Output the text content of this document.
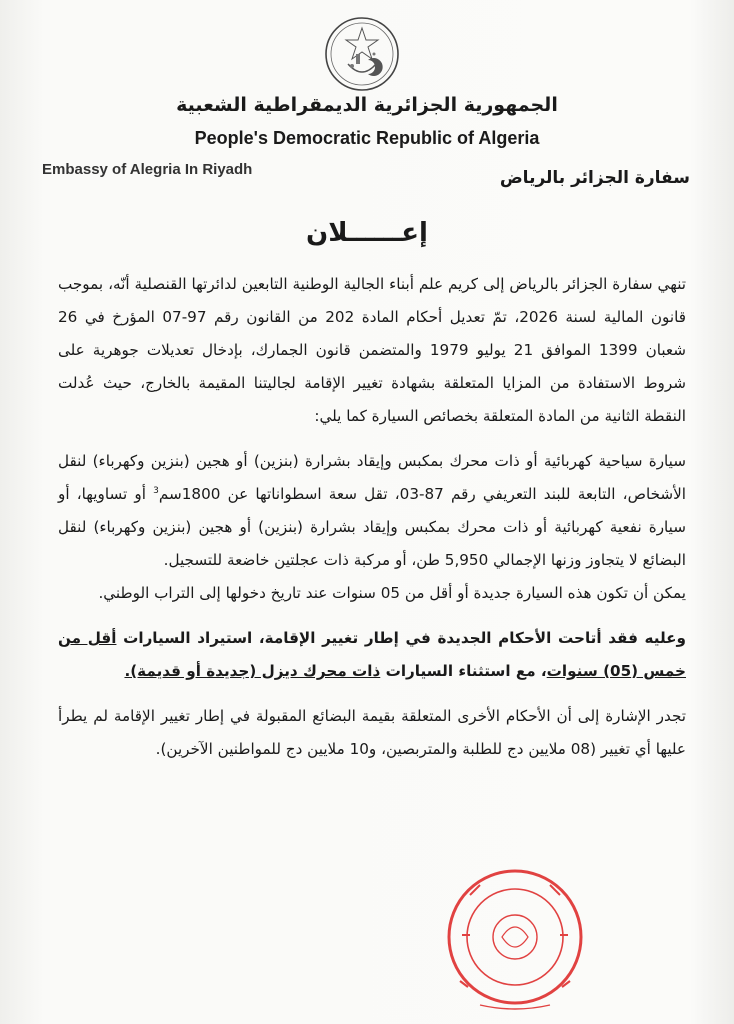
الجمهورية الجزائرية الديمقراطية الشعبية
People's Democratic Republic of Algeria
Embassy of Alegria In Riyadh	سفارة الجزائر بالرياض
إعــــــلان

تنهي سفارة الجزائر بالرياض إلى كريم علم أبناء الجالية الوطنية التابعين لدائرتها القنصلية أنّه، بموجب قانون المالية لسنة 2026، تمّ تعديل أحكام المادة 202 من القانون رقم 97-07 المؤرخ في 26 شعبان 1399 الموافق 21 يوليو 1979 والمتضمن قانون الجمارك، بإدخال تعديلات جوهرية على شروط الاستفادة من المزايا المتعلقة بشهادة تغيير الإقامة لجاليتنا المقيمة بالخارج، حيث عُدلت النقطة الثانية من المادة المتعلقة بخصائص السيارة كما يلي:

سيارة سياحية كهربائية أو ذات محرك بمكبس وإيقاد بشرارة (بنزين) أو هجين (بنزين وكهرباء) لنقل الأشخاص، التابعة للبند التعريفي رقم 87-03، تقل سعة اسطواناتها عن 1800سم$^3$ أو تساويها، أو سيارة نفعية كهربائية أو ذات محرك بمكبس وإيقاد بشرارة (بنزين) أو هجين (بنزين وكهرباء) لنقل البضائع لا يتجاوز وزنها الإجمالي 5,950 طن، أو مركبة ذات عجلتين خاضعة للتسجيل.

يمكن أن تكون هذه السيارة جديدة أو أقل من 05 سنوات عند تاريخ دخولها إلى التراب الوطني.

وعليه فقد أتاحت الأحكام الجديدة في إطار تغيير الإقامة، استيراد السيارات أقل من خمس (05) سنوات، مع استثناء السيارات ذات محرك ديزل (جديدة أو قديمة).

تجدر الإشارة إلى أن الأحكام الأخرى المتعلقة بقيمة البضائع المقبولة في إطار تغيير الإقامة لم يطرأ عليها أي تغيير (08 ملايين دج للطلبة والمتربصين، و10 ملايين دج للمواطنين الآخرين).
